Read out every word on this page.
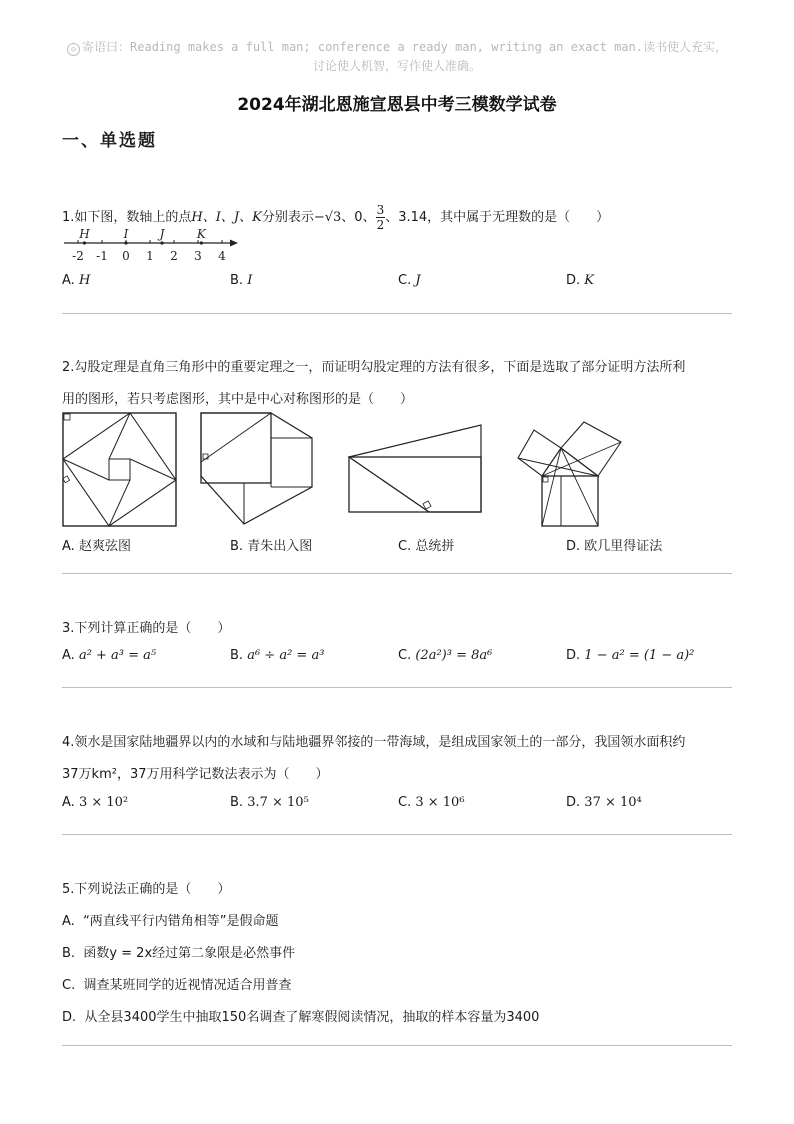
☺ 寄语曰：Reading makes a full man; conference a ready man, writing an exact man.读书使人充实，
讨论使人机智，写作使人准确。
2024年湖北恩施宣恩县中考三模数学试卷
一、单选题
1.如下图，数轴上的点H、I、J、K分别表示−√3、0、 $\frac{3}{2}$ 、3.14，其中属于无理数的是（　　）
-2 -1 0 1 2 3 4
H	I	J	K
A. H	B. I	C. J	D. K
2.勾股定理是直角三角形中的重要定理之一，而证明勾股定理的方法有很多，下面是选取了部分证明方法所利
用的图形，若只考虑图形，其中是中心对称图形的是（　　）
A. 赵爽弦图	B. 青朱出入图	C. 总统拼	D. 欧几里得证法
3.下列计算正确的是（　　）
A. a² + a³ = a⁵	B. a⁶ ÷ a² = a³	C. (2a²)³ = 8a⁶	D. 1 − a² = (1 − a)²
4.领水是国家陆地疆界以内的水域和与陆地疆界邻接的一带海域，是组成国家领土的一部分，我国领水面积约
37万km²，37万用科学记数法表示为（　　）
A. 3 × 10²	B. 3.7 × 10⁵	C. 3 × 10⁶	D. 37 × 10⁴
5.下列说法正确的是（　　）
A. “两直线平行内错角相等”是假命题
B. 函数y = 2x经过第二象限是必然事件
C. 调查某班同学的近视情况适合用普查
D. 从全县3400学生中抽取150名调查了解寒假阅读情况，抽取的样本容量为3400
